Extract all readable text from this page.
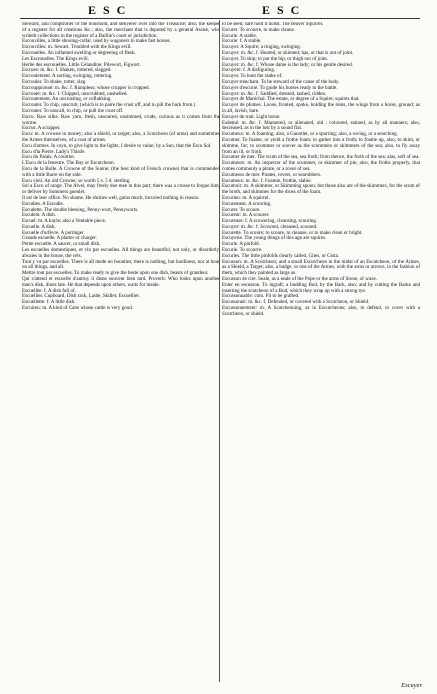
ESC	ESC

Steward, and comptroller of the houshold, and deliverer over into the Treasurie; also, the keeper of a register for all creations &c.; also, the merchant that is deputed by a general Assise, who writeth collections in the register of a Baillie's court or jurisdiction.

Escouvilles, a little shooing-collar, used by wagoners to make fast horses.

Escouvilles: m. Sewart. Troubled with the Kings evill.

Escrouelles. An inflamed swelling or degreeing of flesh.

Les Escrouelles. The Kings evill.

Herbe des escrouelles. Little Celandine; Pilewort, Figwort.

Escrues: m. &c. f. Shaken, tottered, slagged.

Escroulement. A sorting, swinging, tottering.

Escrouler. To shake, totter, slag.

Escrouppionné: m. &c. f. Rumpless; whose crupper is cropped.

Escrouté: m. &c. f. Chipped, unscrubbed, unshelled.

Escroutement. An uncrusting, or coflakking.

Escrouter. To chip, unscrub; (which is to paire the crust off, and to pill the bark from.)

Escrouter. To unscall, to chip, or pull the crust off.

Escru. Raw silke. Raw yarn, fresh, unsoured, unsimmed, crude, curious as it comes from the worme.

Escrus. A scrapper.

Escu: m. A crowne in money; also a shield, or target; also, a Scutcheon (of arms) and sometimes the Armes themselves, of a coat of armes.

Escu d'armes. In coyn, to give light to the lights; I desire to value; by a Sun, that the Escu Sol.

Escu d'la Pierre. Lady's Thistle.

Escu du Palais. A courtier.

L'Escu de la fenestre. The Bay or Escutcheon.

Escu de la Bolle. A Crowne of the Sunne; (the best kind of French crowne) that is commended with a little Barre on the side.

Escu vieil. An old Crowne; so worth 5 s. 5 d. sterling.

Sol a Escu of range. The Alvel, may freely doe mee in this part; there was a crusse to forgue him, or deliver by Sommers gueulet.

Il est de leur office. No shame. He shrines well, gains much, incurred nothing in reason.

Escudies. A Escudie.

Escudette. The double blessing, Penny-wort, Pennyworts.

Esculent. A dish.

Escuel: m. A kayle; also a Ventable piece.

Escuelle. A dish.

Escuelle d'orfèvre. A portinger.

Grande escuelle. A platter or charger.

Petite escuelle. A saucer, or small dish.

Les escuelles domestiques, et vin par escuelles. All things are beautiful, not only, or disorderly, alwaies in the house, the cels.

Tout y va par escuelles. There is all mede no bounties; there is nothing, but hardiness, nor at hour on all things, and all.

Mettre tout par escuelles. To make ready to give the beste upon one dish, beasts of grandeur.

Qui s'attend et escuelle d'autruy il disne souvent bien tard. Proverb: Who looks upon another man's dish, dines late. He that depends upon others, waits for meale.

Escuellée: f. A dish full of.

Escuellier. Cupboard, Dish rack, Ladle, Skillet; Escuellier.

Escuellette: f. A little dish.

Escuireu: m. A kind of Cane whose cattle is very good.

to be seen; safe hold it holds. The beaver Squirrel.

Escurer. To scourre, to make cleane.

Escurie. A stable.

Escurie: f. A stable.

Escuyer. A Squire; a ringing, swinging.

Escuyer: m. &c. f. Hunted, or skinned; has, or that is out of joint.

Escuyer. To skip; to put the hip, or thigh out of joint.

Escuyer: m. &c. f. Whose dame is the lady; or his gentle desired.

Escuyère: f. A disfiguring.

Escuyer. To hunt the ranke of.

Escuyer trenchant. To be steward of the cause of the body.

Escuyer d'escurie. To guide his horses ready to the battle.

Escuyer: m. &c. f. Saddled, dressed, lashed, ridden.

Escuyer de Maréchal. The estate, or degree of a Squire; squires that.

Escuyer de plumes. Loose, fronted, spoke, holding the reins, the wings from a horse, ground; as in all, lavish, bare.

Escuyer de trait. Light horse.

Esdemé: m. &c. f. Mannered, or alienated, old ; coloured, stained, as by all manners; also, decreased, as in the lost by a sound flat.

Escumeux: m. A foaming; also, a Gauntlet, or a spurring; also, a roving, or a searching.

Escumer. To foame, or yield a frothe foam; to gather into a froth; to foame up, also, to skim, or skimme, fur; to scummer or soover as the scummers or skimmers of the sea; also, to fly away from an ill, or froth.

Escumer de mer. The scum of the sea, sea froth; from thence, the froth of the sea; alas, soft of sea.

Escumeurs: m. An inspector of the scummer, or skimmer of pie; also, the froths properly, that comes commonly a pirate, or a rover of sea.

Escumeurs de mer. Pirates, rovers, or searobbers.

Escumeux: m. &c. f. Foamie, frothie, slabie.

Escumoir: m. A skimmer, or Skimming spoon; but those also are of the skimmers, for the scum of the broth, and skimmes for the dross of the foam.

Escurieu: m. A squirrel.

Escurement. A scouring.

Escurer. To scoure.

Escureur: m. A scourer.

Escureuse: f. A scowering, cleansing, scouring.

Escuyer: m. &c. f. Scowred, cleansed, scoured.

Escurette. To scoure; to scoure, to cleanse, or to make clean or bright.

Escuyerie. The young things of this age are squires.

Escurie. A pinfold.

Escurie. To scourre.

Escuries. The little pinfolds clearly called, Gites, or Gista.

Escusson: m. A Scutcheon; and a small Escutcheon in the midst of an Escutcheon, of the Armes, as a Shield, a Target; also, a badge, or one of the Armes, with the arms or arrows, in the fashion of them, which they painted as large as.

Escusson de cire. Seale, as a seale of the Pope or the arms of Stone, of waxe.

Enter en escusson. To ingraft; a budding Bud, by the Bark, also; and by cutting the Barke and inserting the scutcheon of a Bud, which they wrap up with a strong tye.

Escussonnable: com. Fit to be grafted.

Escussonné: m. &c. f. Defended, or covered with a Scutcheon, or Shield.

Escussonnement: m. A Scutcheoning, as in Escutcheons; also, to defend, or cover with a Scutcheon, or shield.

Escuyer.
